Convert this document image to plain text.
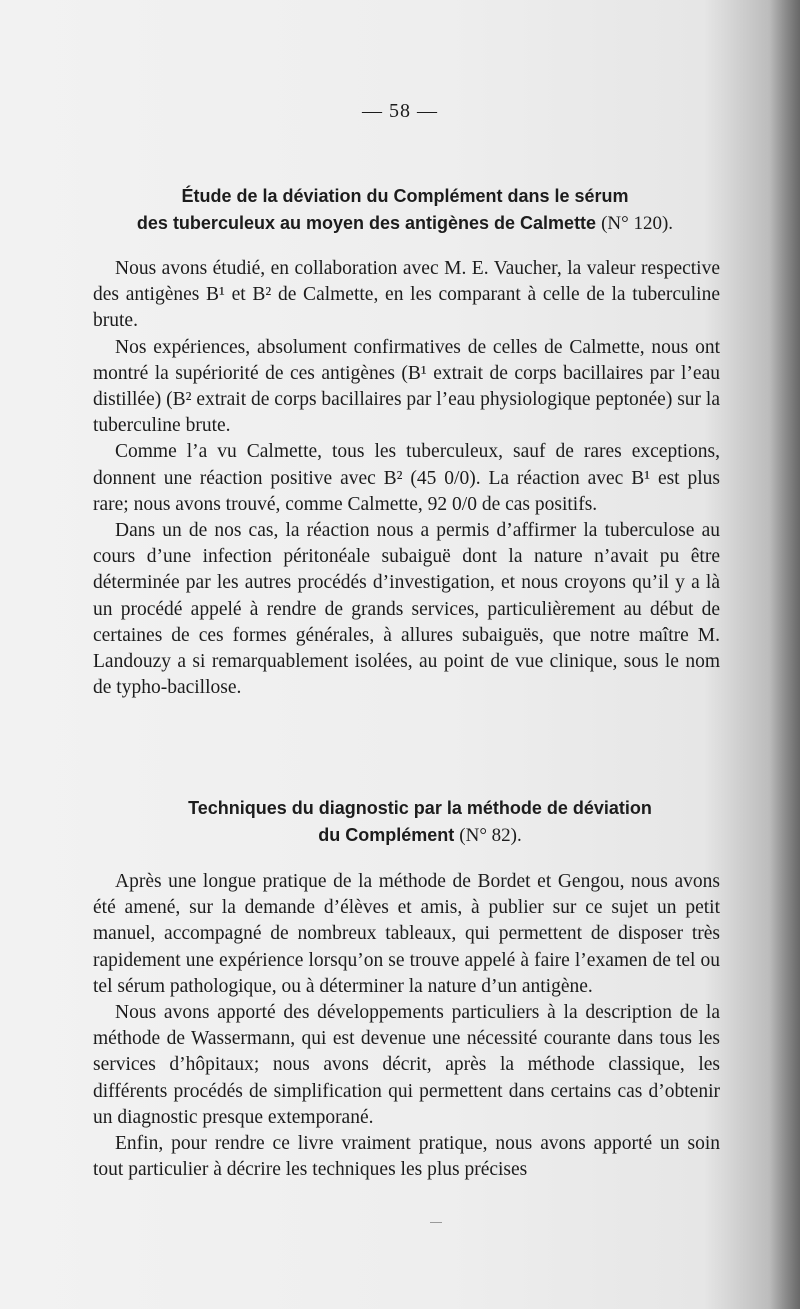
— 58 —
Étude de la déviation du Complément dans le sérum
des tuberculeux au moyen des antigènes de Calmette (N° 120).

Nous avons étudié, en collaboration avec M. E. Vaucher, la valeur respective des antigènes B¹ et B² de Calmette, en les comparant à celle de la tuberculine brute.

Nos expériences, absolument confirmatives de celles de Calmette, nous ont montré la supériorité de ces antigènes (B¹ extrait de corps bacillaires par l’eau distillée) (B² extrait de corps bacillaires par l’eau physiologique peptonée) sur la tuberculine brute.

Comme l’a vu Calmette, tous les tuberculeux, sauf de rares exceptions, donnent une réaction positive avec B² (45 0/0). La réaction avec B¹ est plus rare; nous avons trouvé, comme Calmette, 92 0/0 de cas positifs.

Dans un de nos cas, la réaction nous a permis d’affirmer la tuberculose au cours d’une infection péritonéale subaiguë dont la nature n’avait pu être déterminée par les autres procédés d’investigation, et nous croyons qu’il y a là un procédé appelé à rendre de grands services, particulièrement au début de certaines de ces formes générales, à allures subaiguës, que notre maître M. Landouzy a si remarquablement isolées, au point de vue clinique, sous le nom de typho-bacillose.

Techniques du diagnostic par la méthode de déviation
du Complément (N° 82).

Après une longue pratique de la méthode de Bordet et Gengou, nous avons été amené, sur la demande d’élèves et amis, à publier sur ce sujet un petit manuel, accompagné de nombreux tableaux, qui permettent de disposer très rapidement une expérience lorsqu’on se trouve appelé à faire l’examen de tel ou tel sérum pathologique, ou à déterminer la nature d’un antigène.

Nous avons apporté des développements particuliers à la description de la méthode de Wassermann, qui est devenue une nécessité courante dans tous les services d’hôpitaux; nous avons décrit, après la méthode classique, les différents procédés de simplification qui permettent dans certains cas d’obtenir un diagnostic presque extemporané.

Enfin, pour rendre ce livre vraiment pratique, nous avons apporté un soin tout particulier à décrire les techniques les plus précises
